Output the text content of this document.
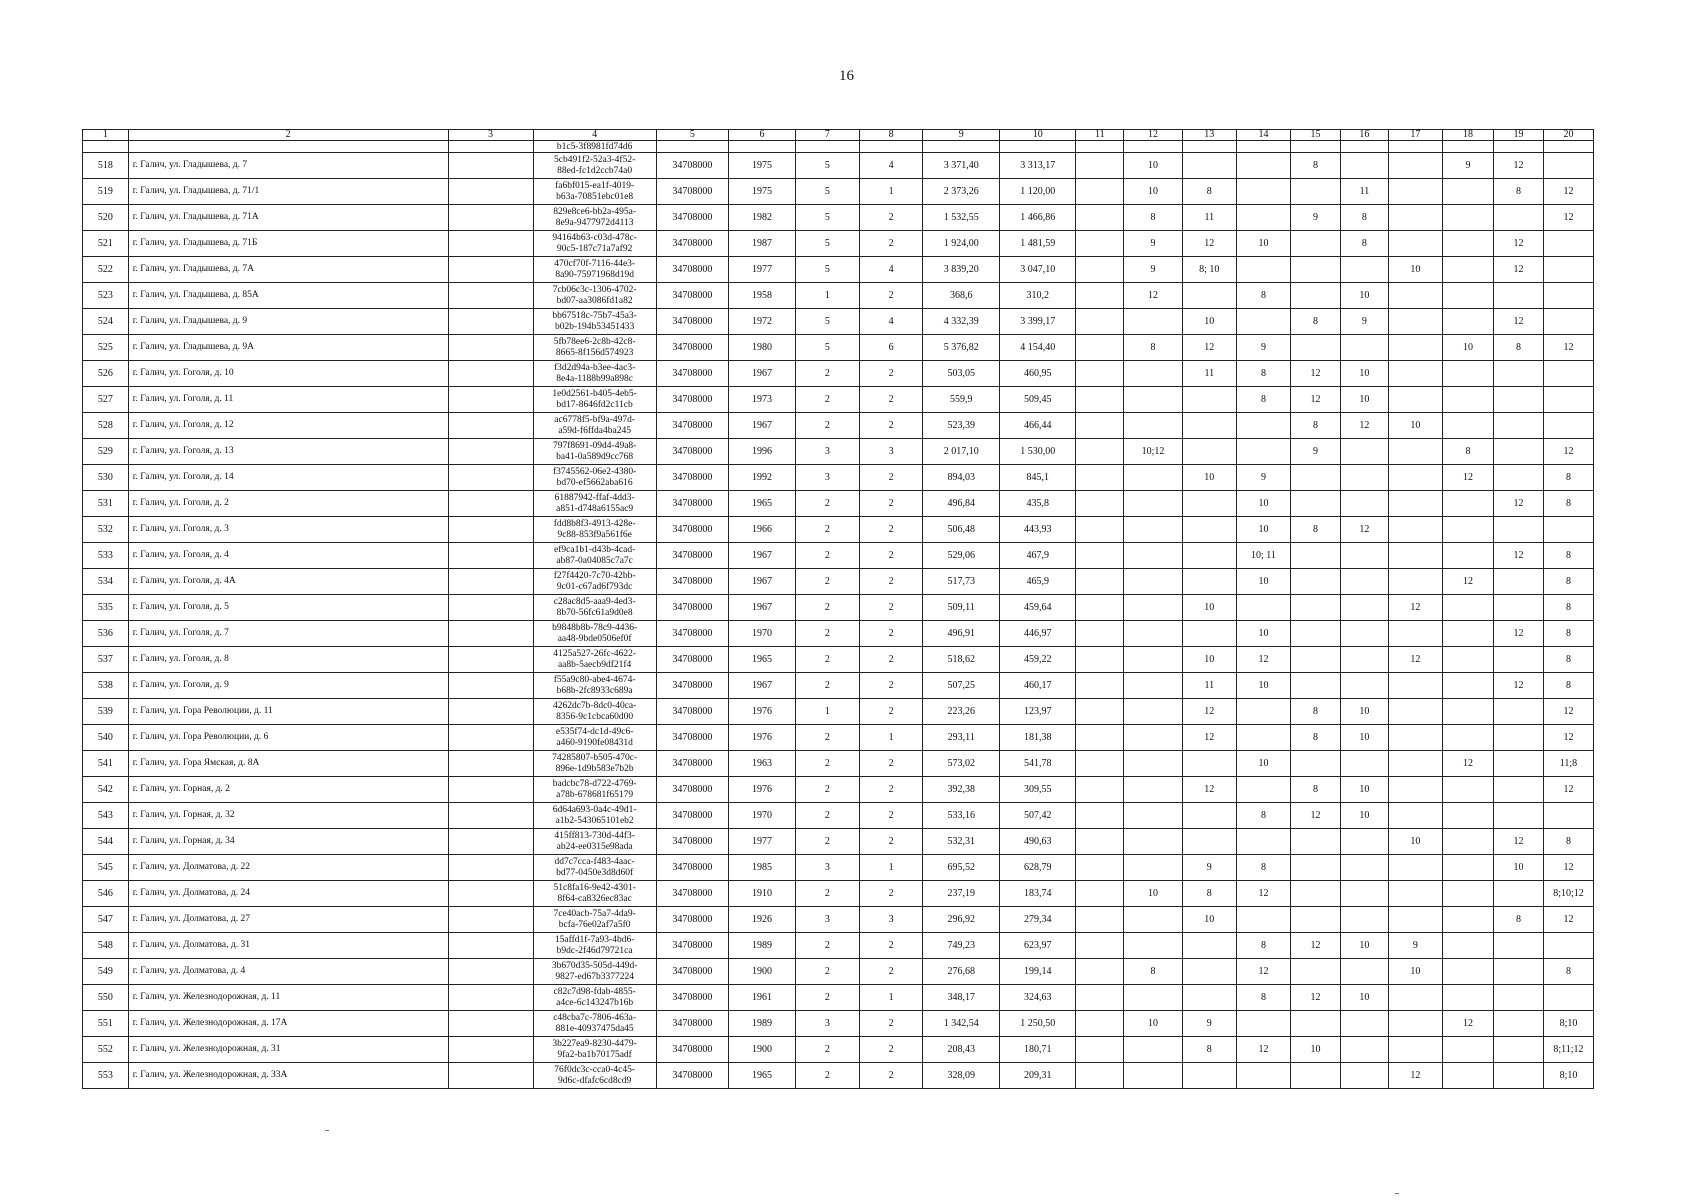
16
1	2	3	4	5	6	7	8	9	10	11	12	13	14	15	16	17	18	19	20
			b1c5-3f8981fd74d6																
518	г. Галич, ул. Гладышева, д. 7		5cb491f2-52a3-4f52-
88ed-fc1d2ccb74a0	34708000	1975	5	4	3 371,40	3 313,17		10			8			9	12	
519	г. Галич, ул. Гладышева, д. 71/1		fa6bf015-ea1f-4019-
b63a-70851ebc01e8	34708000	1975	5	1	2 373,26	1 120,00		10	8			11			8	12
520	г. Галич, ул. Гладышева, д. 71А		829e8ce6-bb2a-495a-
8e9a-9477972d4113	34708000	1982	5	2	1 532,55	1 466,86		8	11		9	8				12
521	г. Галич, ул. Гладышева, д. 71Б		94164b63-c03d-478c-
90c5-187c71a7af92	34708000	1987	5	2	1 924,00	1 481,59		9	12	10		8			12	
522	г. Галич, ул. Гладышева, д. 7А		470cf70f-7116-44e3-
8a90-75971968d19d	34708000	1977	5	4	3 839,20	3 047,10		9	8; 10				10		12	
523	г. Галич, ул. Гладышева, д. 85А		7cb06c3c-1306-4702-
bd07-aa3086fd1a82	34708000	1958	1	2	368,6	310,2		12		8		10				
524	г. Галич, ул. Гладышева, д. 9		bb67518c-75b7-45a3-
b02b-194b53451433	34708000	1972	5	4	4 332,39	3 399,17			10		8	9			12	
525	г. Галич, ул. Гладышева, д. 9А		5fb78ee6-2c8b-42c8-
8665-8f156d574923	34708000	1980	5	6	5 376,82	4 154,40		8	12	9				10	8	12
526	г. Галич, ул. Гоголя, д. 10		f3d2d94a-b3ee-4ac3-
8e4a-1188b99a898c	34708000	1967	2	2	503,05	460,95			11	8	12	10				
527	г. Галич, ул. Гоголя, д. 11		1e0d2561-b405-4eb5-
bd17-8646fd2c11cb	34708000	1973	2	2	559,9	509,45				8	12	10				
528	г. Галич, ул. Гоголя, д. 12		ac6778f5-bf9a-497d-
a59d-f6ffda4ba245	34708000	1967	2	2	523,39	466,44					8	12	10			
529	г. Галич, ул. Гоголя, д. 13		797f8691-09d4-49a8-
ba41-0a589d9cc768	34708000	1996	3	3	2 017,10	1 530,00		10;12			9			8		12
530	г. Галич, ул. Гоголя, д. 14		f3745562-06e2-4380-
bd70-ef5662aba616	34708000	1992	3	2	894,03	845,1			10	9				12		8
531	г. Галич, ул. Гоголя, д. 2		61887942-ffaf-4dd3-
a851-d748a6155ac9	34708000	1965	2	2	496,84	435,8				10					12	8
532	г. Галич, ул. Гоголя, д. 3		fdd8b8f3-4913-428e-
9c88-853f9a561f6e	34708000	1966	2	2	506,48	443,93				10	8	12				
533	г. Галич, ул. Гоголя, д. 4		ef9ca1b1-d43b-4cad-
ab87-0a04085c7a7c	34708000	1967	2	2	529,06	467,9				10; 11					12	8
534	г. Галич, ул. Гоголя, д. 4А		f27f4420-7c70-42bb-
9c01-c67ad6f793dc	34708000	1967	2	2	517,73	465,9				10				12		8
535	г. Галич, ул. Гоголя, д. 5		c28ac8d5-aaa9-4ed3-
8b70-56fc61a9d0e8	34708000	1967	2	2	509,11	459,64			10				12			8
536	г. Галич, ул. Гоголя, д. 7		b9848b8b-78c9-4436-
aa48-9bde0506ef0f	34708000	1970	2	2	496,91	446,97				10					12	8
537	г. Галич, ул. Гоголя, д. 8		4125a527-26fc-4622-
aa8b-5aecb9df21f4	34708000	1965	2	2	518,62	459,22			10	12			12			8
538	г. Галич, ул. Гоголя, д. 9		f55a9c80-abe4-4674-
b68b-2fc8933c689a	34708000	1967	2	2	507,25	460,17			11	10					12	8
539	г. Галич, ул. Гора Революции, д. 11		4262dc7b-8dc0-40ca-
8356-9c1cbca60d00	34708000	1976	1	2	223,26	123,97			12		8	10				12
540	г. Галич, ул. Гора Революции, д. 6		e535f74-dc1d-49c6-
a460-9190fe08431d	34708000	1976	2	1	293,11	181,38			12		8	10				12
541	г. Галич, ул. Гора Ямская, д. 8А		74285807-b505-470c-
896e-1d9b583e7b2b	34708000	1963	2	2	573,02	541,78				10				12		11;8
542	г. Галич, ул. Горная, д. 2		badcbc78-d722-4769-
a78b-678681f65179	34708000	1976	2	2	392,38	309,55			12		8	10				12
543	г. Галич, ул. Горная, д. 32		6d64a693-0a4c-49d1-
a1b2-543065101eb2	34708000	1970	2	2	533,16	507,42				8	12	10				
544	г. Галич, ул. Горная, д. 34		415ff813-730d-44f3-
ab24-ee0315e98ada	34708000	1977	2	2	532,31	490,63							10		12	8
545	г. Галич, ул. Долматова, д. 22		dd7c7cca-f483-4aac-
bd77-0450e3d8d60f	34708000	1985	3	1	695,52	628,79			9	8					10	12
546	г. Галич, ул. Долматова, д. 24		51c8fa16-9e42-4301-
8f64-ca8326ec83ac	34708000	1910	2	2	237,19	183,74		10	8	12						8;10;12
547	г. Галич, ул. Долматова, д. 27		7ce40acb-75a7-4da9-
bcfa-76e02af7a5f0	34708000	1926	3	3	296,92	279,34			10						8	12
548	г. Галич, ул. Долматова, д. 31		15affd1f-7a93-4bd6-
b9dc-2f46d79721ca	34708000	1989	2	2	749,23	623,97				8	12	10	9			
549	г. Галич, ул. Долматова, д. 4		3b670d35-505d-449d-
9827-ed67b3377224	34708000	1900	2	2	276,68	199,14		8		12			10			8
550	г. Галич, ул. Железнодорожная, д. 11		c82c7d98-fdab-4855-
a4ce-6c143247b16b	34708000	1961	2	1	348,17	324,63				8	12	10				
551	г. Галич, ул. Железнодорожная, д. 17А		c48cba7c-7806-463a-
881e-40937475da45	34708000	1989	3	2	1 342,54	1 250,50		10	9					12		8;10
552	г. Галич, ул. Железнодорожная, д. 31		3b227ea9-8230-4479-
9fa2-ba1b70175adf	34708000	1900	2	2	208,43	180,71			8	12	10					8;11;12
553	г. Галич, ул. Железнодорожная, д. 33А		76f0dc3c-cca0-4c45-
9d6c-dfafc6cd8cd9	34708000	1965	2	2	328,09	209,31							12			8;10
